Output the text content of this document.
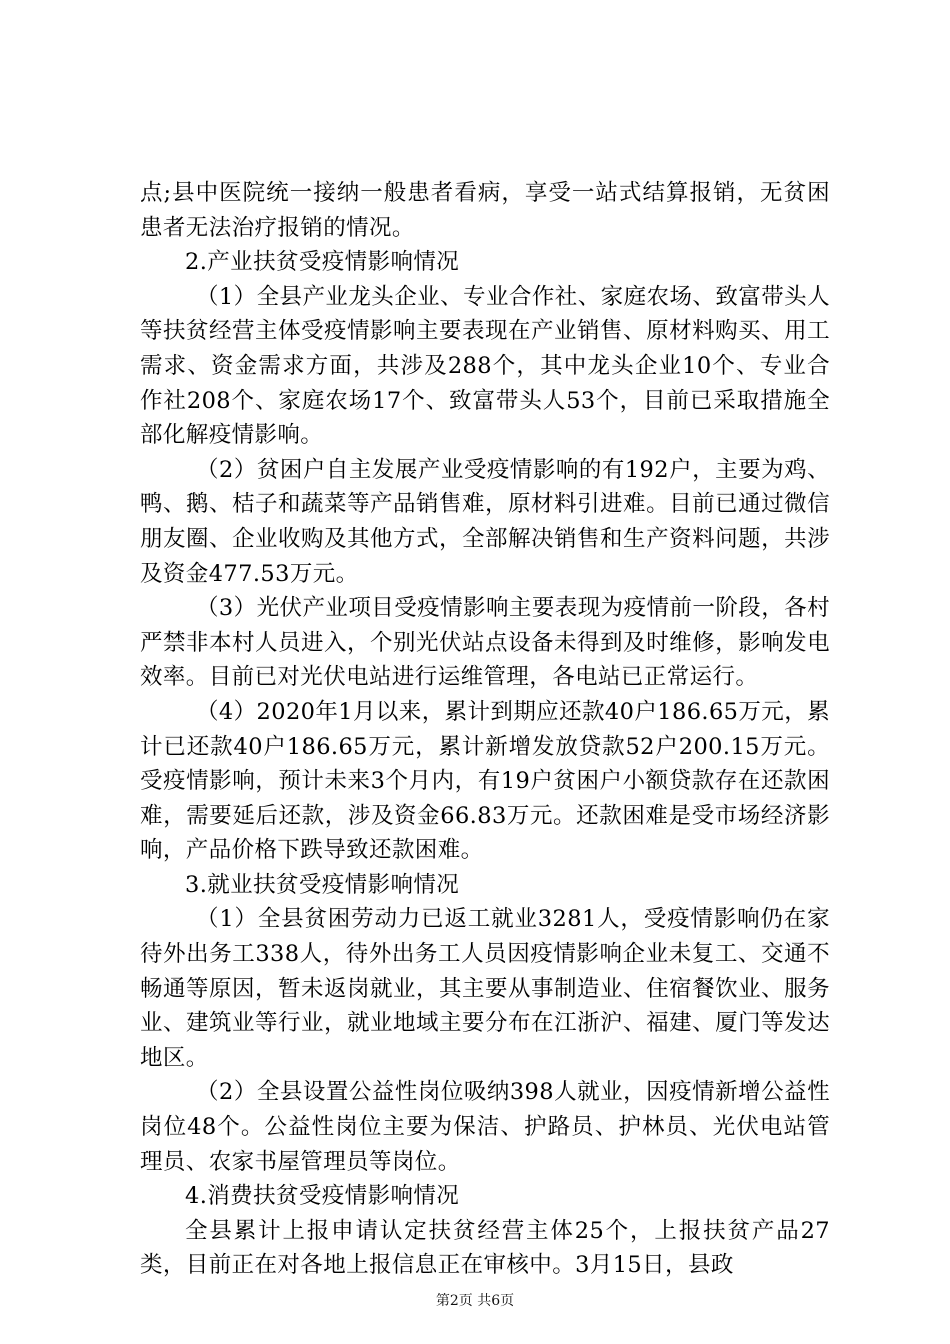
点;县中医院统一接纳一般患者看病，享受一站式结算报销，无贫困患者无法治疗报销的情况。

2.产业扶贫受疫情影响情况

（1）全县产业龙头企业、专业合作社、家庭农场、致富带头人等扶贫经营主体受疫情影响主要表现在产业销售、原材料购买、用工需求、资金需求方面，共涉及288个，其中龙头企业10个、专业合作社208个、家庭农场17个、致富带头人53个，目前已采取措施全部化解疫情影响。

（2）贫困户自主发展产业受疫情影响的有192户，主要为鸡、鸭、鹅、桔子和蔬菜等产品销售难，原材料引进难。目前已通过微信朋友圈、企业收购及其他方式，全部解决销售和生产资料问题，共涉及资金477.53万元。

（3）光伏产业项目受疫情影响主要表现为疫情前一阶段，各村严禁非本村人员进入，个别光伏站点设备未得到及时维修，影响发电效率。目前已对光伏电站进行运维管理，各电站已正常运行。

（4）2020年1月以来，累计到期应还款40户186.65万元，累计已还款40户186.65万元，累计新增发放贷款52户200.15万元。受疫情影响，预计未来3个月内，有19户贫困户小额贷款存在还款困难，需要延后还款，涉及资金66.83万元。还款困难是受市场经济影响，产品价格下跌导致还款困难。

3.就业扶贫受疫情影响情况

（1）全县贫困劳动力已返工就业3281人，受疫情影响仍在家待外出务工338人，待外出务工人员因疫情影响企业未复工、交通不畅通等原因，暂未返岗就业，其主要从事制造业、住宿餐饮业、服务业、建筑业等行业，就业地域主要分布在江浙沪、福建、厦门等发达地区。

（2）全县设置公益性岗位吸纳398人就业，因疫情新增公益性岗位48个。公益性岗位主要为保洁、护路员、护林员、光伏电站管理员、农家书屋管理员等岗位。

4.消费扶贫受疫情影响情况

全县累计上报申请认定扶贫经营主体25个，上报扶贫产品27类，目前正在对各地上报信息正在审核中。3月15日，县政

第2页 共6页
